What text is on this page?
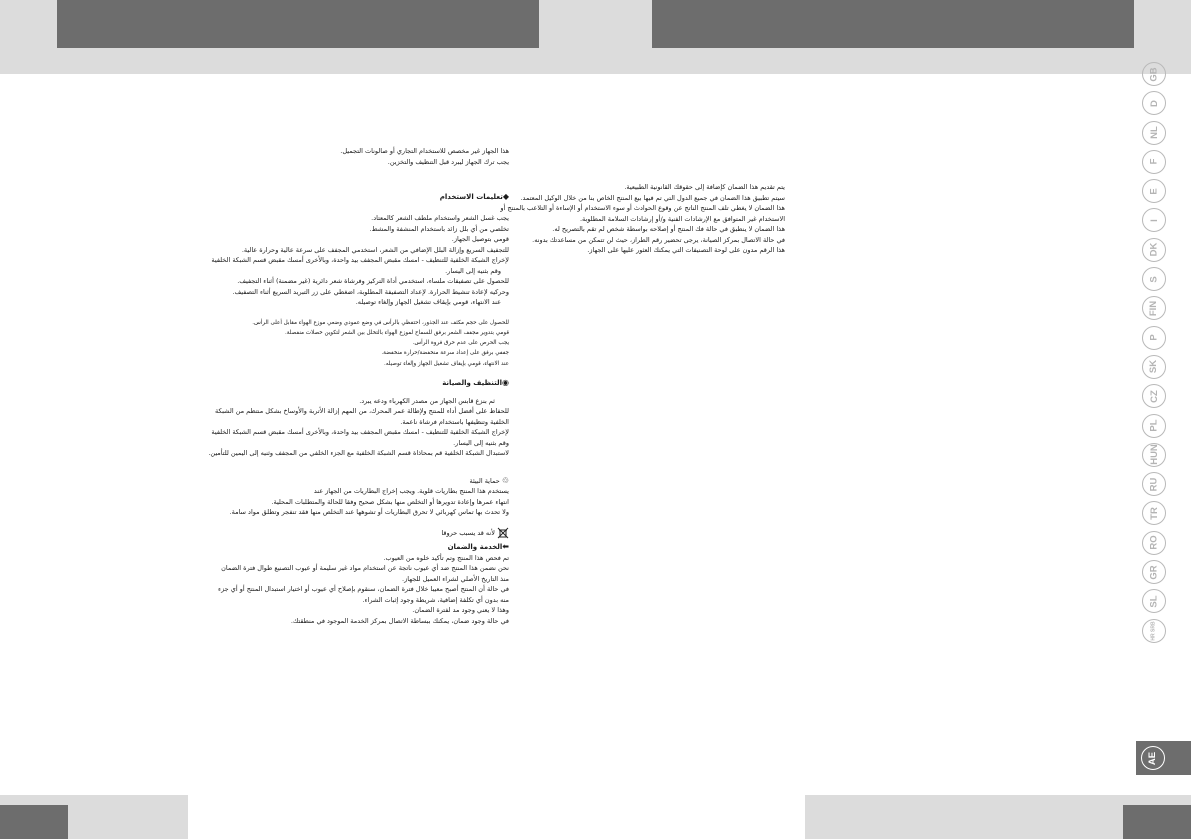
هذا الجهاز غير مخصص للاستخدام التجاري أو صالونات التجميل.

يجب ترك الجهاز ليبرد قبل التنظيف والتخزين.

◆تعليمات الاستخدام

يجب غسل الشعر واستخدام ملطف الشعر كالمعتاد.

تخلصي من أي بلل زائد باستخدام المنشفة والمشط.

قومي بتوصيل الجهاز.

للتجفيف السريع وإزالة البلل الإضافي من الشعر، استخدمي المجفف على سرعة عالية وحرارة عالية.

لإخراج الشبكة الخلفية للتنظيف - امسك مقبض المجفف بيد واحدة، وبالأخرى أمسك مقبض قسم الشبكة الخلفية

وقم بثنيه إلى اليسار.

للحصول على تصفيفات ملساء، استخدمي أداة التركيز وفرشاة شعر دائرية (غير مضمنة) أثناء التجفيف.

وحركيه لإعادة تنشيط الحرارة. لإعداد التصفيفة المطلوبة، اضغطي على زر التبريد السريع أثناء التصفيف.

عند الانتهاء، قومي بإيقاف تشغيل الجهاز وإلغاء توصيله.

للحصول على حجم مكثف عند الجذور، احتفظي بالرأس في وضع عمودي وضعي موزع الهواء مقابل أعلى الرأس.

قومي بتدوير مجفف الشعر برفق للسماح لموزع الهواء بالتخلل بين الشعر لتكوين خصلات منفصلة.

يجب الحرص على عدم حرق فروة الرأس.

جففي برفق على إعداد سرعة منخفضة/حرارة منخفضة.

عند الانتهاء، قومي بإيقاف تشغيل الجهاز وإلغاء توصيله.

◉التنظيف والصيانة

ثم بنزع قابس الجهاز من مصدر الكهرباء ودعه يبرد.

للحفاظ على أفضل أداء للمنتج ولإطالة عمر المحرك، من المهم إزالة الأتربة والأوساخ بشكل منتظم من الشبكة

الخلفية وتنظيفها باستخدام فرشاة ناعمة.

لإخراج الشبكة الخلفية للتنظيف - امسك مقبض المجفف بيد واحدة، وبالأخرى أمسك مقبض قسم الشبكة الخلفية

وقم بثنيه إلى اليسار.

لاستبدال الشبكة الخلفية قم بمحاذاة قسم الشبكة الخلفية مع الجزء الخلفي من المجفف وثنيه إلى اليمين للتأمين.

♲ حماية البيئة

يستخدم هذا المنتج بطاريات قلوية. ويجب إخراج البطاريات من الجهاز عند

انتهاء عمرها وإعادة تدويرها أو التخلص منها بشكل صحيح وفقا للحالة والمتطلبات المحلية.

ولا تحدث بها تماس كهربائي لا تحرق البطاريات أو تشوهها عند التخلص منها فقد تنفجر وتطلق مواد سامة.

لأنه قد يسبب حروقا

⬅الخدمة والضمان

تم فحص هذا المنتج وتم تأكيد خلوه من العيوب.

نحن نضمن هذا المنتج ضد أي عيوب ناتجة عن استخدام مواد غير سليمة أو عيوب التصنيع طوال فترة الضمان

منذ التاريخ الأصلي لشراء العميل للجهاز.

في حالة أن المنتج أصبح معيبا خلال فترة الضمان، سنقوم بإصلاح أي عيوب أو اختيار استبدال المنتج أو أي جزء

منه بدون أي تكلفة إضافية، شريطة وجود إثبات الشراء.

وهذا لا يعني وجود مد لفترة الضمان.

في حالة وجود ضمان، يمكنك ببساطة الاتصال بمركز الخدمة الموجود في منطقتك.

يتم تقديم هذا الضمان كإضافة إلى حقوقك القانونية الطبيعية.

سيتم تطبيق هذا الضمان في جميع الدول التي تم فيها بيع المنتج الخاص بنا من خلال الوكيل المعتمد.

هذا الضمان لا يغطي تلف المنتج الناتج عن وقوع الحوادث أو سوء الاستخدام أو الإساءة أو التلاعب بالمنتج أو

الاستخدام غير المتوافق مع الإرشادات الفنية و/أو إرشادات السلامة المطلوبة.

هذا الضمان لا ينطبق في حالة فك المنتج أو إصلاحه بواسطة شخص لم تقم بالتصريح له.

في حالة الاتصال بمركز الصيانة، يرجى تحضير رقم الطراز، حيث لن تتمكن من مساعدتك بدونه.

هذا الرقم مدون على لوحة التصنيفات التي يمكنك العثور عليها على الجهاز.

GB
D
NL
F
E
I
DK
S
FIN
P
SK
CZ
PL
HUN
RU
TR
RO
GR
SL
HR SRB
AE
